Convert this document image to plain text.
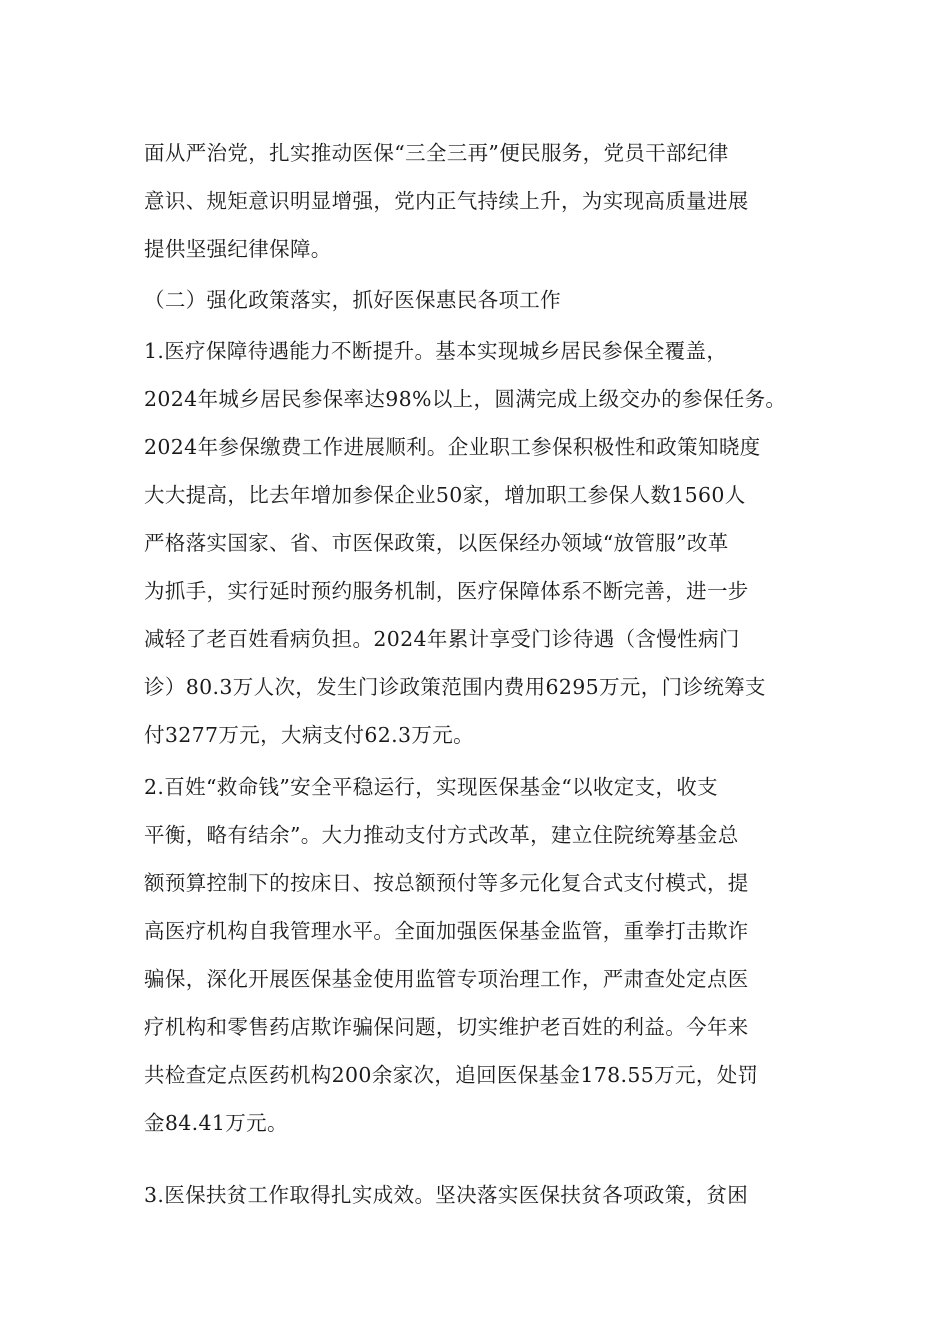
面从严治党，扎实推动医保“三全三再”便民服务，党员干部纪律
意识、规矩意识明显增强，党内正气持续上升，为实现高质量进展
提供坚强纪律保障。
（二）强化政策落实，抓好医保惠民各项工作
1.医疗保障待遇能力不断提升。基本实现城乡居民参保全覆盖，
2024年城乡居民参保率达98%以上，圆满完成上级交办的参保任务。
2024年参保缴费工作进展顺利。企业职工参保积极性和政策知晓度
大大提高，比去年增加参保企业50家，增加职工参保人数1560人
严格落实国家、省、市医保政策，以医保经办领域“放管服”改革
为抓手，实行延时预约服务机制，医疗保障体系不断完善，进一步
减轻了老百姓看病负担。2024年累计享受门诊待遇（含慢性病门
诊）80.3万人次，发生门诊政策范围内费用6295万元，门诊统筹支
付3277万元，大病支付62.3万元。
2.百姓“救命钱”安全平稳运行，实现医保基金“以收定支，收支
平衡，略有结余”。大力推动支付方式改革，建立住院统筹基金总
额预算控制下的按床日、按总额预付等多元化复合式支付模式，提
高医疗机构自我管理水平。全面加强医保基金监管，重拳打击欺诈
骗保，深化开展医保基金使用监管专项治理工作，严肃查处定点医
疗机构和零售药店欺诈骗保问题，切实维护老百姓的利益。今年来
共检查定点医药机构200余家次，追回医保基金178.55万元，处罚
金84.41万元。
3.医保扶贫工作取得扎实成效。坚决落实医保扶贫各项政策，贫困
